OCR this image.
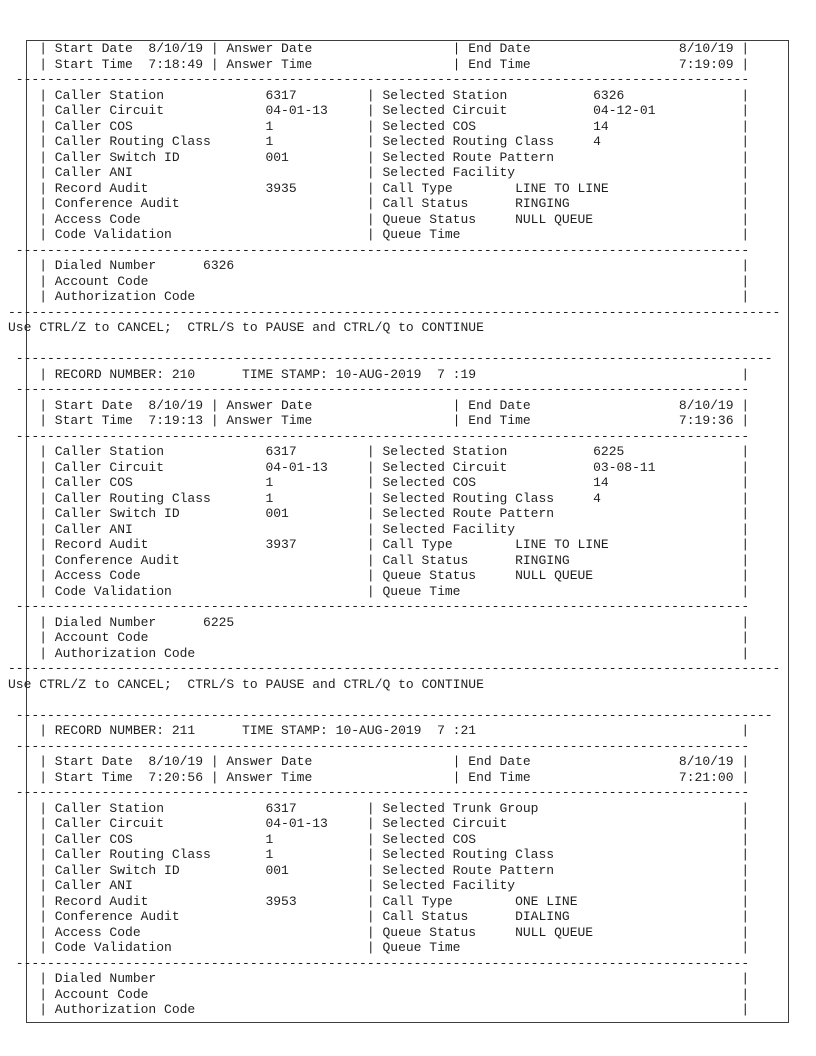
| Start Date  8/10/19 | Answer Date                  | End Date                   8/10/19 |
| Start Time  7:18:49 | Answer Time                  | End Time                   7:19:09 |
----------------------------------------------------------------------------------------------
| Caller Station             6317         | Selected Station           6326               |
| Caller Circuit             04-01-13     | Selected Circuit           04-12-01           |
| Caller COS                 1            | Selected COS               14                 |
| Caller Routing Class       1            | Selected Routing Class     4                  |
| Caller Switch ID           001          | Selected Route Pattern                        |
| Caller ANI                              | Selected Facility                             |
| Record Audit               3935         | Call Type        LINE TO LINE                 |
| Conference Audit                        | Call Status      RINGING                      |
| Access Code                             | Queue Status     NULL QUEUE                   |
| Code Validation                         | Queue Time                                    |
----------------------------------------------------------------------------------------------
| Dialed Number      6326                                                                 |
| Account Code                                                                            |
| Authorization Code                                                                      |
---------------------------------------------------------------------------------------------------
Use CTRL/Z to CANCEL;  CTRL/S to PAUSE and CTRL/Q to CONTINUE
-------------------------------------------------------------------------------------------------
| RECORD NUMBER: 210      TIME STAMP: 10-AUG-2019  7 :19                                  |
----------------------------------------------------------------------------------------------
| Start Date  8/10/19 | Answer Date                  | End Date                   8/10/19 |
| Start Time  7:19:13 | Answer Time                  | End Time                   7:19:36 |
----------------------------------------------------------------------------------------------
| Caller Station             6317         | Selected Station           6225               |
| Caller Circuit             04-01-13     | Selected Circuit           03-08-11           |
| Caller COS                 1            | Selected COS               14                 |
| Caller Routing Class       1            | Selected Routing Class     4                  |
| Caller Switch ID           001          | Selected Route Pattern                        |
| Caller ANI                              | Selected Facility                             |
| Record Audit               3937         | Call Type        LINE TO LINE                 |
| Conference Audit                        | Call Status      RINGING                      |
| Access Code                             | Queue Status     NULL QUEUE                   |
| Code Validation                         | Queue Time                                    |
----------------------------------------------------------------------------------------------
| Dialed Number      6225                                                                 |
| Account Code                                                                            |
| Authorization Code                                                                      |
---------------------------------------------------------------------------------------------------
Use CTRL/Z to CANCEL;  CTRL/S to PAUSE and CTRL/Q to CONTINUE
-------------------------------------------------------------------------------------------------
| RECORD NUMBER: 211      TIME STAMP: 10-AUG-2019  7 :21                                  |
----------------------------------------------------------------------------------------------
| Start Date  8/10/19 | Answer Date                  | End Date                   8/10/19 |
| Start Time  7:20:56 | Answer Time                  | End Time                   7:21:00 |
----------------------------------------------------------------------------------------------
| Caller Station             6317         | Selected Trunk Group                          |
| Caller Circuit             04-01-13     | Selected Circuit                              |
| Caller COS                 1            | Selected COS                                  |
| Caller Routing Class       1            | Selected Routing Class                        |
| Caller Switch ID           001          | Selected Route Pattern                        |
| Caller ANI                              | Selected Facility                             |
| Record Audit               3953         | Call Type        ONE LINE                     |
| Conference Audit                        | Call Status      DIALING                      |
| Access Code                             | Queue Status     NULL QUEUE                   |
| Code Validation                         | Queue Time                                    |
----------------------------------------------------------------------------------------------
| Dialed Number                                                                           |
| Account Code                                                                            |
| Authorization Code                                                                      |
